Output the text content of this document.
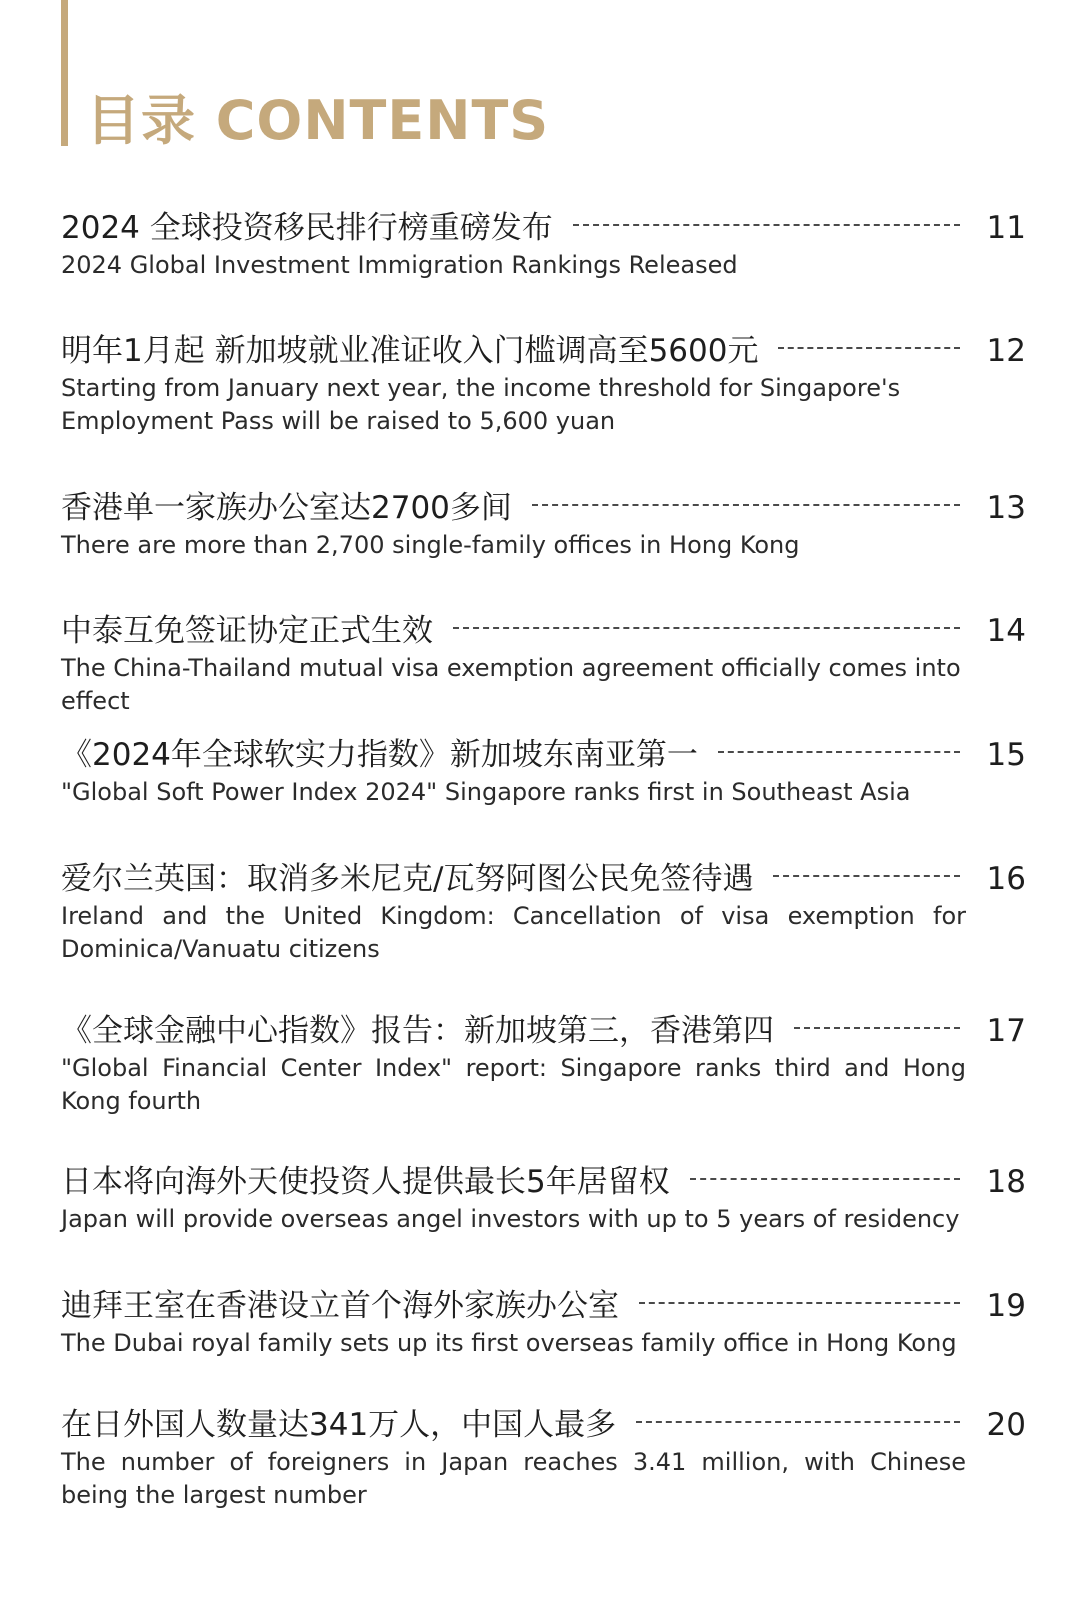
目录 CONTENTS
2024 全球投资移民排行榜重磅发布	11
2024 Global Investment Immigration Rankings Released
明年1月起 新加坡就业准证收入门槛调高至5600元	12
Starting from January next year, the income threshold for Singapore's Employment Pass will be raised to 5,600 yuan
香港单一家族办公室达2700多间	13
There are more than 2,700 single-family offices in Hong Kong
中泰互免签证协定正式生效	14
The China-Thailand mutual visa exemption agreement officially comes into effect
《2024年全球软实力指数》新加坡东南亚第一	15
"Global Soft Power Index 2024" Singapore ranks first in Southeast Asia
爱尔兰英国：取消多米尼克/瓦努阿图公民免签待遇	16
Ireland and the United Kingdom: Cancellation of visa exemption for Dominica/Vanuatu citizens
《全球金融中心指数》报告：新加坡第三，香港第四	17
"Global Financial Center Index" report: Singapore ranks third and Hong Kong fourth
日本将向海外天使投资人提供最长5年居留权	18
Japan will provide overseas angel investors with up to 5 years of residency
迪拜王室在香港设立首个海外家族办公室	19
The Dubai royal family sets up its first overseas family office in Hong Kong
在日外国人数量达341万人，中国人最多	20
The number of foreigners in Japan reaches 3.41 million, with Chinese being the largest number
